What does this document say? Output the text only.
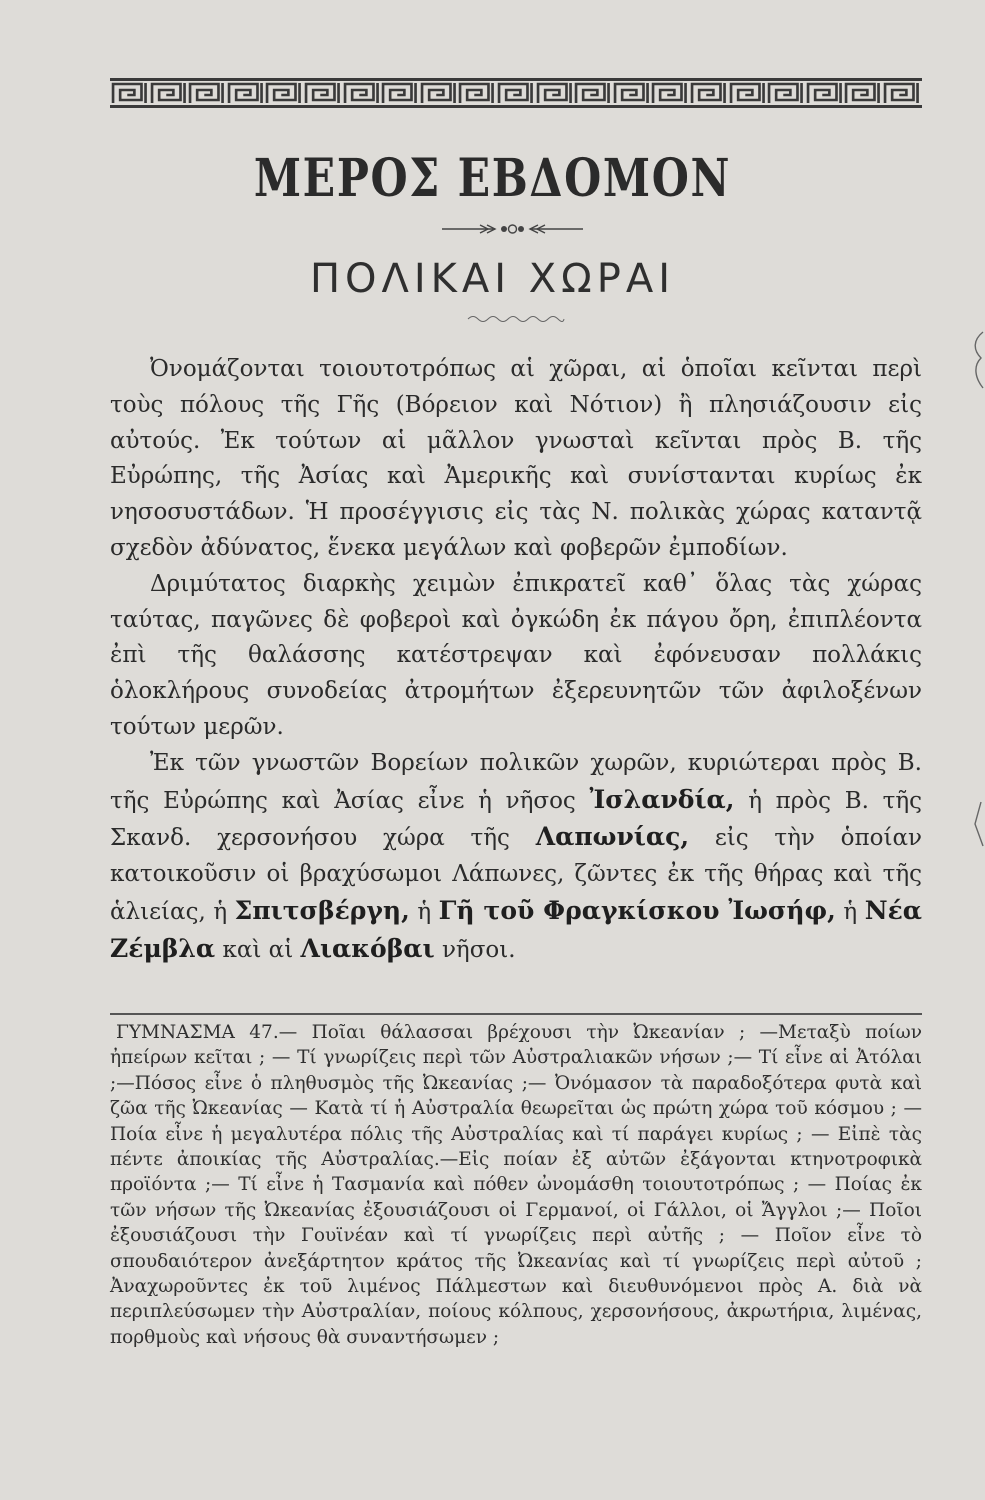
ΜΕΡΟΣ ΕΒΔΟΜΟΝ
ΠΟΛΙΚΑΙ ΧΩΡΑΙ

Ὀνομάζονται τοιουτοτρόπως αἱ χῶραι, αἱ ὁποῖαι κεῖνται περὶ τοὺς πόλους τῆς Γῆς (Βόρειον καὶ Νότιον) ἢ πλησιάζουσιν εἰς αὐτούς. Ἐκ τούτων αἱ μᾶλλον γνωσταὶ κεῖνται πρὸς Β. τῆς Εὐρώπης, τῆς Ἀσίας καὶ Ἀμερικῆς καὶ συνίστανται κυρίως ἐκ νησοσυστάδων. Ἡ προσέγγισις εἰς τὰς Ν. πολικὰς χώρας καταντᾷ σχεδὸν ἀδύνατος, ἕνεκα μεγάλων καὶ φοβερῶν ἐμποδίων.

Δριμύτατος διαρκὴς χειμὼν ἐπικρατεῖ καθ᾽ ὅλας τὰς χώρας ταύτας, παγῶνες δὲ φοβεροὶ καὶ ὀγκώδη ἐκ πάγου ὄρη, ἐπιπλέοντα ἐπὶ τῆς θαλάσσης κατέστρεψαν καὶ ἐφόνευσαν πολλάκις ὁλοκλήρους συνοδείας ἀτρομήτων ἐξερευνητῶν τῶν ἀφιλοξένων τούτων μερῶν.

Ἐκ τῶν γνωστῶν Βορείων πολικῶν χωρῶν, κυριώτεραι πρὸς Β. τῆς Εὐρώπης καὶ Ἀσίας εἶνε ἡ νῆσος Ἰσλανδία, ἡ πρὸς Β. τῆς Σκανδ. χερσονήσου χώρα τῆς Λαπωνίας, εἰς τὴν ὁποίαν κατοικοῦσιν οἱ βραχύσωμοι Λάπωνες, ζῶντες ἐκ τῆς θήρας καὶ τῆς ἁλιείας, ἡ Σπιτσβέργη, ἡ Γῆ τοῦ Φραγκίσκου Ἰωσήφ, ἡ Νέα Ζέμβλα καὶ αἱ Λιακόβαι νῆσοι.

ΓΥΜΝΑΣΜΑ 47.— Ποῖαι θάλασσαι βρέχουσι τὴν Ὠκεανίαν ; —Μεταξὺ ποίων ἠπείρων κεῖται ; — Τί γνωρίζεις περὶ τῶν Αὐστραλιακῶν νήσων ;— Τί εἶνε αἱ Ἀτόλαι ;—Πόσος εἶνε ὁ πληθυσμὸς τῆς Ὠκεανίας ;— Ὀνόμασον τὰ παραδοξότερα φυτὰ καὶ ζῶα τῆς Ὠκεανίας — Κατὰ τί ἡ Αὐστραλία θεωρεῖται ὡς πρώτη χώρα τοῦ κόσμου ; — Ποία εἶνε ἡ μεγαλυτέρα πόλις τῆς Αὐστραλίας καὶ τί παράγει κυρίως ; — Εἰπὲ τὰς πέντε ἀποικίας τῆς Αὐστραλίας.—Εἰς ποίαν ἐξ αὐτῶν ἐξάγονται κτηνοτροφικὰ προϊόντα ;— Τί εἶνε ἡ Τασμανία καὶ πόθεν ὠνομάσθη τοιουτοτρόπως ; — Ποίας ἐκ τῶν νήσων τῆς Ὠκεανίας ἐξουσιάζουσι οἱ Γερμανοί, οἱ Γάλλοι, οἱ Ἄγγλοι ;— Ποῖοι ἐξουσιάζουσι τὴν Γουϊνέαν καὶ τί γνωρίζεις περὶ αὐτῆς ; — Ποῖον εἶνε τὸ σπουδαιότερον ἀνεξάρτητον κράτος τῆς Ὠκεανίας καὶ τί γνωρίζεις περὶ αὐτοῦ ; Ἀναχωροῦντες ἐκ τοῦ λιμένος Πάλμεστων καὶ διευθυνόμενοι πρὸς Α. διὰ νὰ περιπλεύσωμεν τὴν Αὐστραλίαν, ποίους κόλπους, χερσονήσους, ἀκρωτήρια, λιμένας, πορθμοὺς καὶ νήσους θὰ συναντήσωμεν ;
